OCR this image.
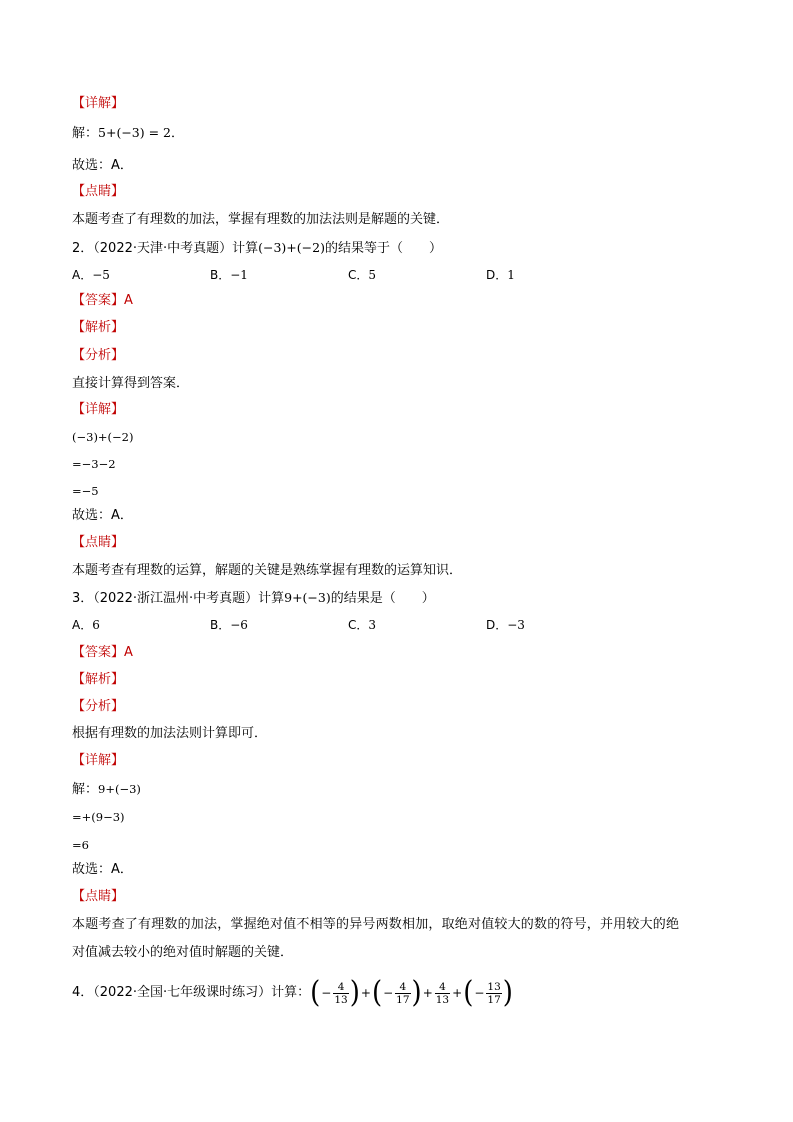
【详解】
解：5+(−3) = 2．
故选：A．
【点睛】
本题考查了有理数的加法，掌握有理数的加法法则是解题的关键．
2．（2022·天津·中考真题）计算(−3)+(−2)的结果等于（　　）
A．−5	B．−1	C．5	D．1
【答案】A
【解析】
【分析】
直接计算得到答案．
【详解】
(−3)+(−2)
=−3−2
=−5
故选：A．
【点睛】
本题考查有理数的运算，解题的关键是熟练掌握有理数的运算知识．
3．（2022·浙江温州·中考真题）计算9+(−3)的结果是（　　）
A．6	B．−6	C．3	D．−3
【答案】A
【解析】
【分析】
根据有理数的加法法则计算即可．
【详解】
解：9+(−3)
=+(9−3)
=6
故选：A．
【点睛】
本题考查了有理数的加法，掌握绝对值不相等的异号两数相加，取绝对值较大的数的符号，并用较大的绝
对值减去较小的绝对值时解题的关键．
4．（2022·全国·七年级课时练习）计算： ( − $\frac{4}{13}$ ) + ( − $\frac{4}{17}$ ) + $\frac{4}{13}$ + ( − $\frac{13}{17}$ )
